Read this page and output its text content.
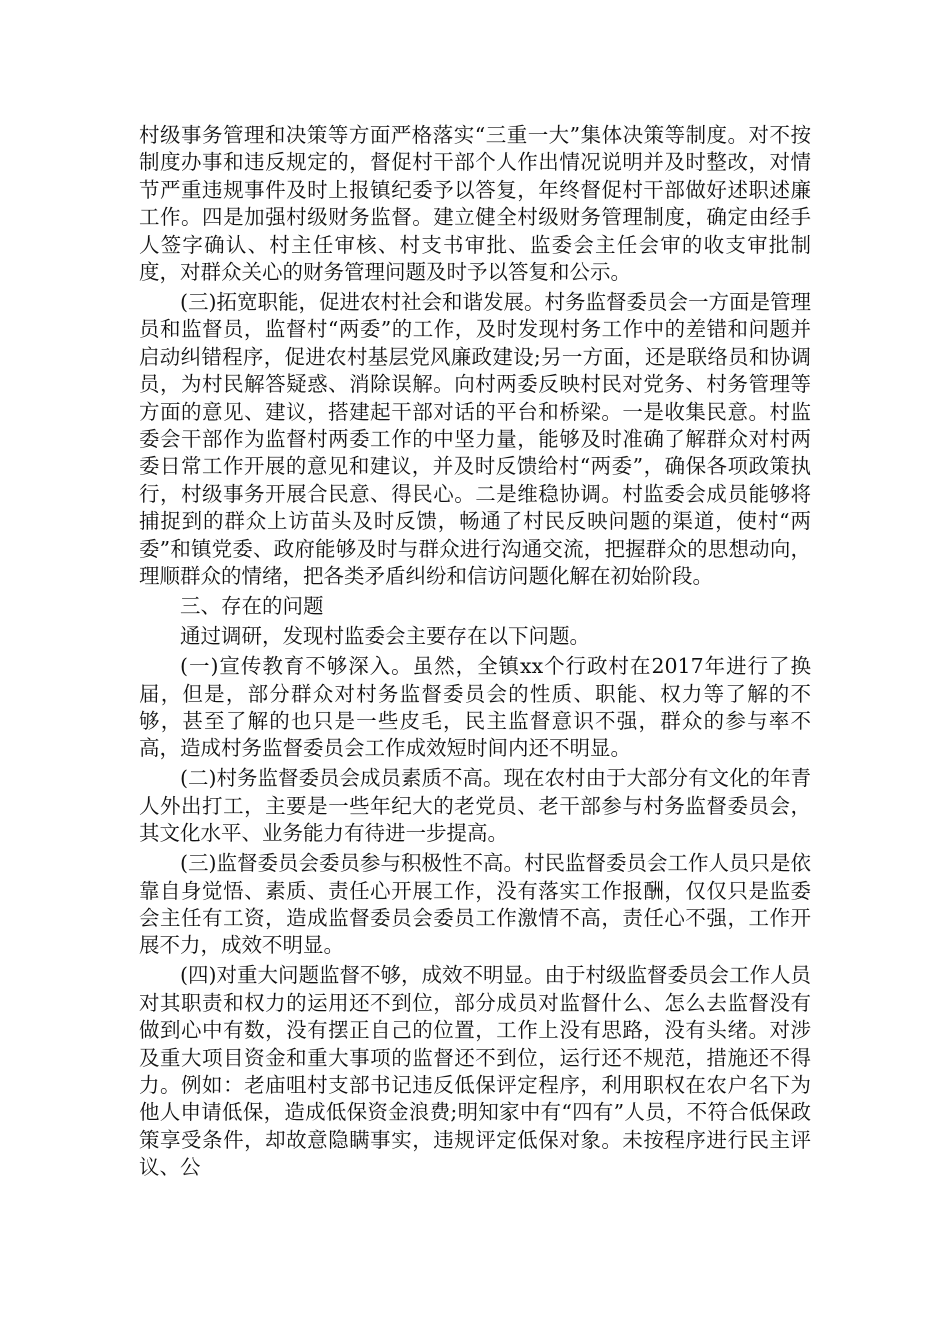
村级事务管理和决策等方面严格落实“三重一大”集体决策等制度。对不按制度办事和违反规定的，督促村干部个人作出情况说明并及时整改，对情节严重违规事件及时上报镇纪委予以答复，年终督促村干部做好述职述廉工作。四是加强村级财务监督。建立健全村级财务管理制度，确定由经手人签字确认、村主任审核、村支书审批、监委会主任会审的收支审批制度，对群众关心的财务管理问题及时予以答复和公示。

(三)拓宽职能，促进农村社会和谐发展。村务监督委员会一方面是管理员和监督员，监督村“两委”的工作，及时发现村务工作中的差错和问题并启动纠错程序，促进农村基层党风廉政建设;另一方面，还是联络员和协调员，为村民解答疑惑、消除误解。向村两委反映村民对党务、村务管理等方面的意见、建议，搭建起干部对话的平台和桥梁。一是收集民意。村监委会干部作为监督村两委工作的中坚力量，能够及时准确了解群众对村两委日常工作开展的意见和建议，并及时反馈给村“两委”，确保各项政策执行，村级事务开展合民意、得民心。二是维稳协调。村监委会成员能够将捕捉到的群众上访苗头及时反馈，畅通了村民反映问题的渠道，使村“两委”和镇党委、政府能够及时与群众进行沟通交流，把握群众的思想动向，理顺群众的情绪，把各类矛盾纠纷和信访问题化解在初始阶段。

三、存在的问题

通过调研，发现村监委会主要存在以下问题。

(一)宣传教育不够深入。虽然，全镇xx个行政村在2017年进行了换届，但是，部分群众对村务监督委员会的性质、职能、权力等了解的不够，甚至了解的也只是一些皮毛，民主监督意识不强，群众的参与率不高，造成村务监督委员会工作成效短时间内还不明显。

(二)村务监督委员会成员素质不高。现在农村由于大部分有文化的年青人外出打工，主要是一些年纪大的老党员、老干部参与村务监督委员会，其文化水平、业务能力有待进一步提高。

(三)监督委员会委员参与积极性不高。村民监督委员会工作人员只是依靠自身觉悟、素质、责任心开展工作，没有落实工作报酬，仅仅只是监委会主任有工资，造成监督委员会委员工作激情不高，责任心不强，工作开展不力，成效不明显。

(四)对重大问题监督不够，成效不明显。由于村级监督委员会工作人员对其职责和权力的运用还不到位，部分成员对监督什么、怎么去监督没有做到心中有数，没有摆正自己的位置，工作上没有思路，没有头绪。对涉及重大项目资金和重大事项的监督还不到位，运行还不规范，措施还不得力。例如：老庙咀村支部书记违反低保评定程序，利用职权在农户名下为他人申请低保，造成低保资金浪费;明知家中有“四有”人员，不符合低保政策享受条件，却故意隐瞒事实，违规评定低保对象。未按程序进行民主评议、公
